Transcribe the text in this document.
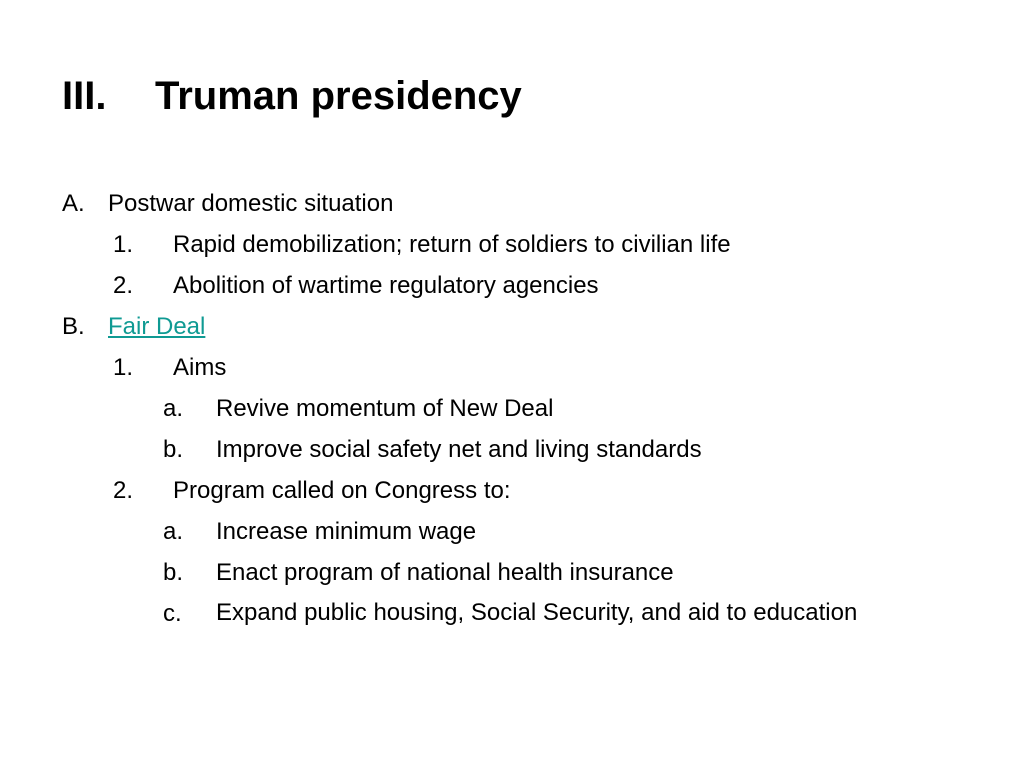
III. Truman presidency
A. Postwar domestic situation
1. Rapid demobilization; return of soldiers to civilian life
2. Abolition of wartime regulatory agencies
B. Fair Deal
1. Aims
a. Revive momentum of New Deal
b. Improve social safety net and living standards
2. Program called on Congress to:
a. Increase minimum wage
b. Enact program of national health insurance
c. Expand public housing, Social Security, and aid to education
